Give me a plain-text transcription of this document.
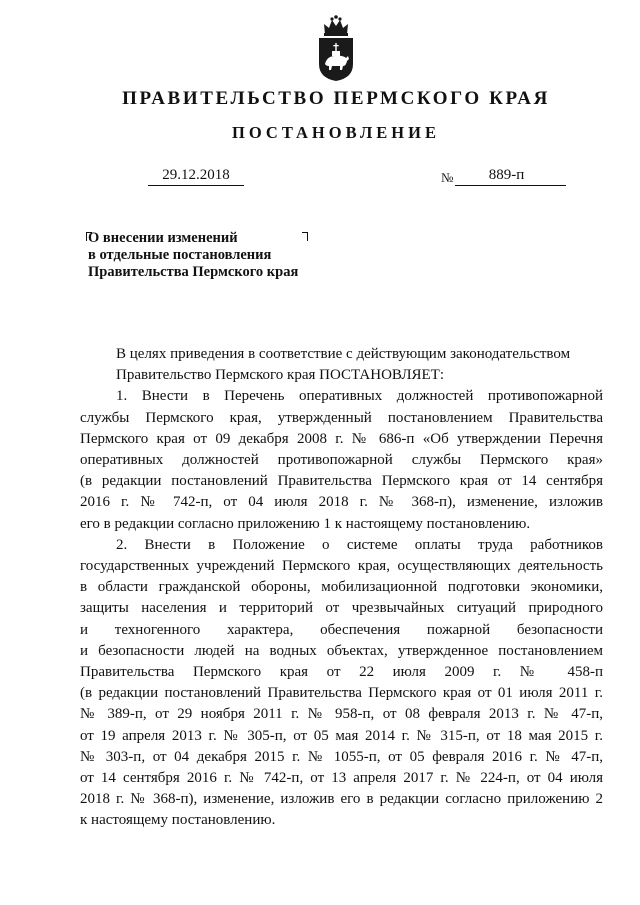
ПРАВИТЕЛЬСТВО ПЕРМСКОГО КРАЯ
ПОСТАНОВЛЕНИЕ
29.12.2018	№	889-п
О внесении изменений
в отдельные постановления
Правительства Пермского края
В целях приведения в соответствие с действующим законодательством
Правительство Пермского края ПОСТАНОВЛЯЕТ:
1. Внести в Перечень оперативных должностей противопожарной
службы Пермского края, утвержденный постановлением Правительства
Пермского края от 09 декабря 2008 г. № 686-п «Об утверждении Перечня
оперативных должностей противопожарной службы Пермского края»
(в редакции постановлений Правительства Пермского края от 14 сентября
2016 г. № 742-п, от 04 июля 2018 г. № 368-п), изменение, изложив
его в редакции согласно приложению 1 к настоящему постановлению.
2. Внести в Положение о системе оплаты труда работников
государственных учреждений Пермского края, осуществляющих деятельность
в области гражданской обороны, мобилизационной подготовки экономики,
защиты населения и территорий от чрезвычайных ситуаций природного
и техногенного характера, обеспечения пожарной безопасности
и безопасности людей на водных объектах, утвержденное постановлением
Правительства Пермского края от 22 июля 2009 г. № 458-п
(в редакции постановлений Правительства Пермского края от 01 июля 2011 г.
№ 389-п, от 29 ноября 2011 г. № 958-п, от 08 февраля 2013 г. № 47-п,
от 19 апреля 2013 г. № 305-п, от 05 мая 2014 г. № 315-п, от 18 мая 2015 г.
№ 303-п, от 04 декабря 2015 г. № 1055-п, от 05 февраля 2016 г. № 47-п,
от 14 сентября 2016 г. № 742-п, от 13 апреля 2017 г. № 224-п, от 04 июля
2018 г. № 368-п), изменение, изложив его в редакции согласно приложению 2
к настоящему постановлению.
